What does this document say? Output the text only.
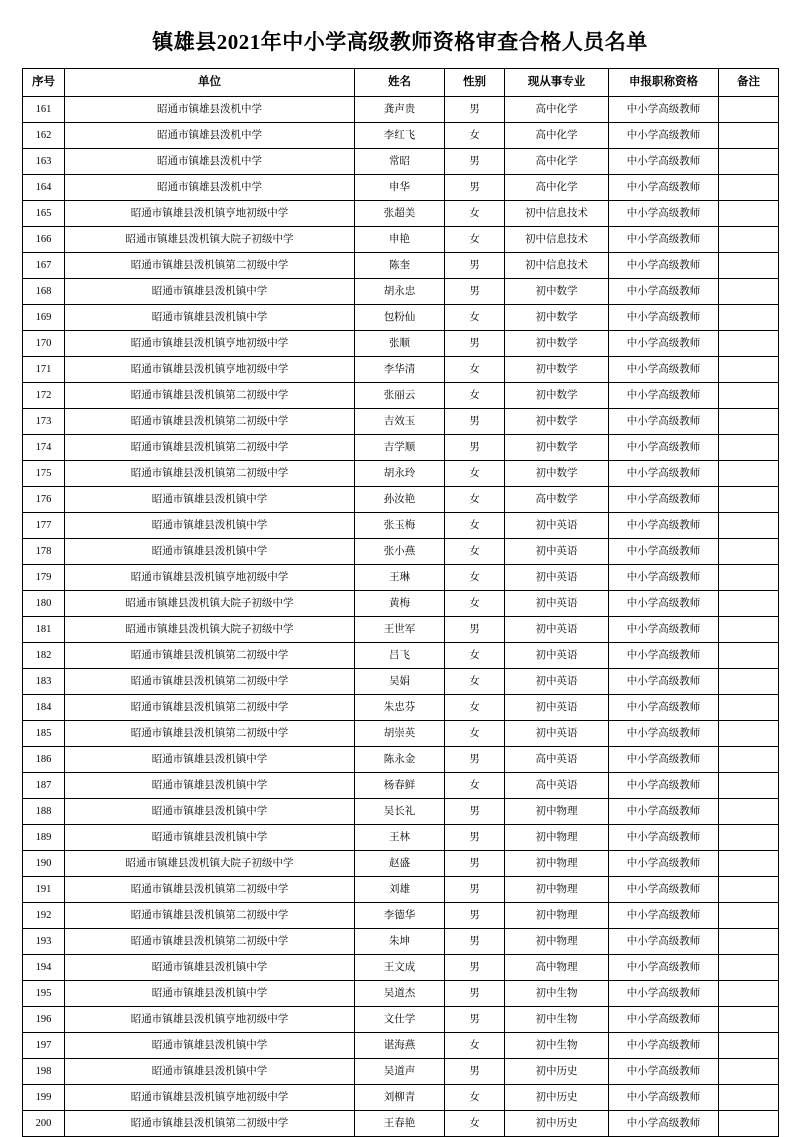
镇雄县2021年中小学高级教师资格审查合格人员名单
序号	单位	姓名	性别	现从事专业	申报职称资格	备注
161	昭通市镇雄县泼机中学	龚声贵	男	高中化学	中小学高级教师	
162	昭通市镇雄县泼机中学	李红飞	女	高中化学	中小学高级教师	
163	昭通市镇雄县泼机中学	常昭	男	高中化学	中小学高级教师	
164	昭通市镇雄县泼机中学	申华	男	高中化学	中小学高级教师	
165	昭通市镇雄县泼机镇亨地初级中学	张超美	女	初中信息技术	中小学高级教师	
166	昭通市镇雄县泼机镇大院子初级中学	申艳	女	初中信息技术	中小学高级教师	
167	昭通市镇雄县泼机镇第二初级中学	陈奎	男	初中信息技术	中小学高级教师	
168	昭通市镇雄县泼机镇中学	胡永忠	男	初中数学	中小学高级教师	
169	昭通市镇雄县泼机镇中学	包粉仙	女	初中数学	中小学高级教师	
170	昭通市镇雄县泼机镇亨地初级中学	张顺	男	初中数学	中小学高级教师	
171	昭通市镇雄县泼机镇亨地初级中学	李华清	女	初中数学	中小学高级教师	
172	昭通市镇雄县泼机镇第二初级中学	张丽云	女	初中数学	中小学高级教师	
173	昭通市镇雄县泼机镇第二初级中学	吉效玉	男	初中数学	中小学高级教师	
174	昭通市镇雄县泼机镇第二初级中学	吉学顺	男	初中数学	中小学高级教师	
175	昭通市镇雄县泼机镇第二初级中学	胡永玲	女	初中数学	中小学高级教师	
176	昭通市镇雄县泼机镇中学	孙汝艳	女	高中数学	中小学高级教师	
177	昭通市镇雄县泼机镇中学	张玉梅	女	初中英语	中小学高级教师	
178	昭通市镇雄县泼机镇中学	张小燕	女	初中英语	中小学高级教师	
179	昭通市镇雄县泼机镇亨地初级中学	王琳	女	初中英语	中小学高级教师	
180	昭通市镇雄县泼机镇大院子初级中学	黄梅	女	初中英语	中小学高级教师	
181	昭通市镇雄县泼机镇大院子初级中学	王世军	男	初中英语	中小学高级教师	
182	昭通市镇雄县泼机镇第二初级中学	吕飞	女	初中英语	中小学高级教师	
183	昭通市镇雄县泼机镇第二初级中学	吴娟	女	初中英语	中小学高级教师	
184	昭通市镇雄县泼机镇第二初级中学	朱忠芬	女	初中英语	中小学高级教师	
185	昭通市镇雄县泼机镇第二初级中学	胡崇英	女	初中英语	中小学高级教师	
186	昭通市镇雄县泼机镇中学	陈永金	男	高中英语	中小学高级教师	
187	昭通市镇雄县泼机镇中学	杨春鲜	女	高中英语	中小学高级教师	
188	昭通市镇雄县泼机镇中学	吴长礼	男	初中物理	中小学高级教师	
189	昭通市镇雄县泼机镇中学	王林	男	初中物理	中小学高级教师	
190	昭通市镇雄县泼机镇大院子初级中学	赵盛	男	初中物理	中小学高级教师	
191	昭通市镇雄县泼机镇第二初级中学	刘雄	男	初中物理	中小学高级教师	
192	昭通市镇雄县泼机镇第二初级中学	李德华	男	初中物理	中小学高级教师	
193	昭通市镇雄县泼机镇第二初级中学	朱坤	男	初中物理	中小学高级教师	
194	昭通市镇雄县泼机镇中学	王文成	男	高中物理	中小学高级教师	
195	昭通市镇雄县泼机镇中学	吴道杰	男	初中生物	中小学高级教师	
196	昭通市镇雄县泼机镇亨地初级中学	文仕学	男	初中生物	中小学高级教师	
197	昭通市镇雄县泼机镇中学	谌海燕	女	初中生物	中小学高级教师	
198	昭通市镇雄县泼机镇中学	吴道声	男	初中历史	中小学高级教师	
199	昭通市镇雄县泼机镇亨地初级中学	刘柳青	女	初中历史	中小学高级教师	
200	昭通市镇雄县泼机镇第二初级中学	王春艳	女	初中历史	中小学高级教师	
